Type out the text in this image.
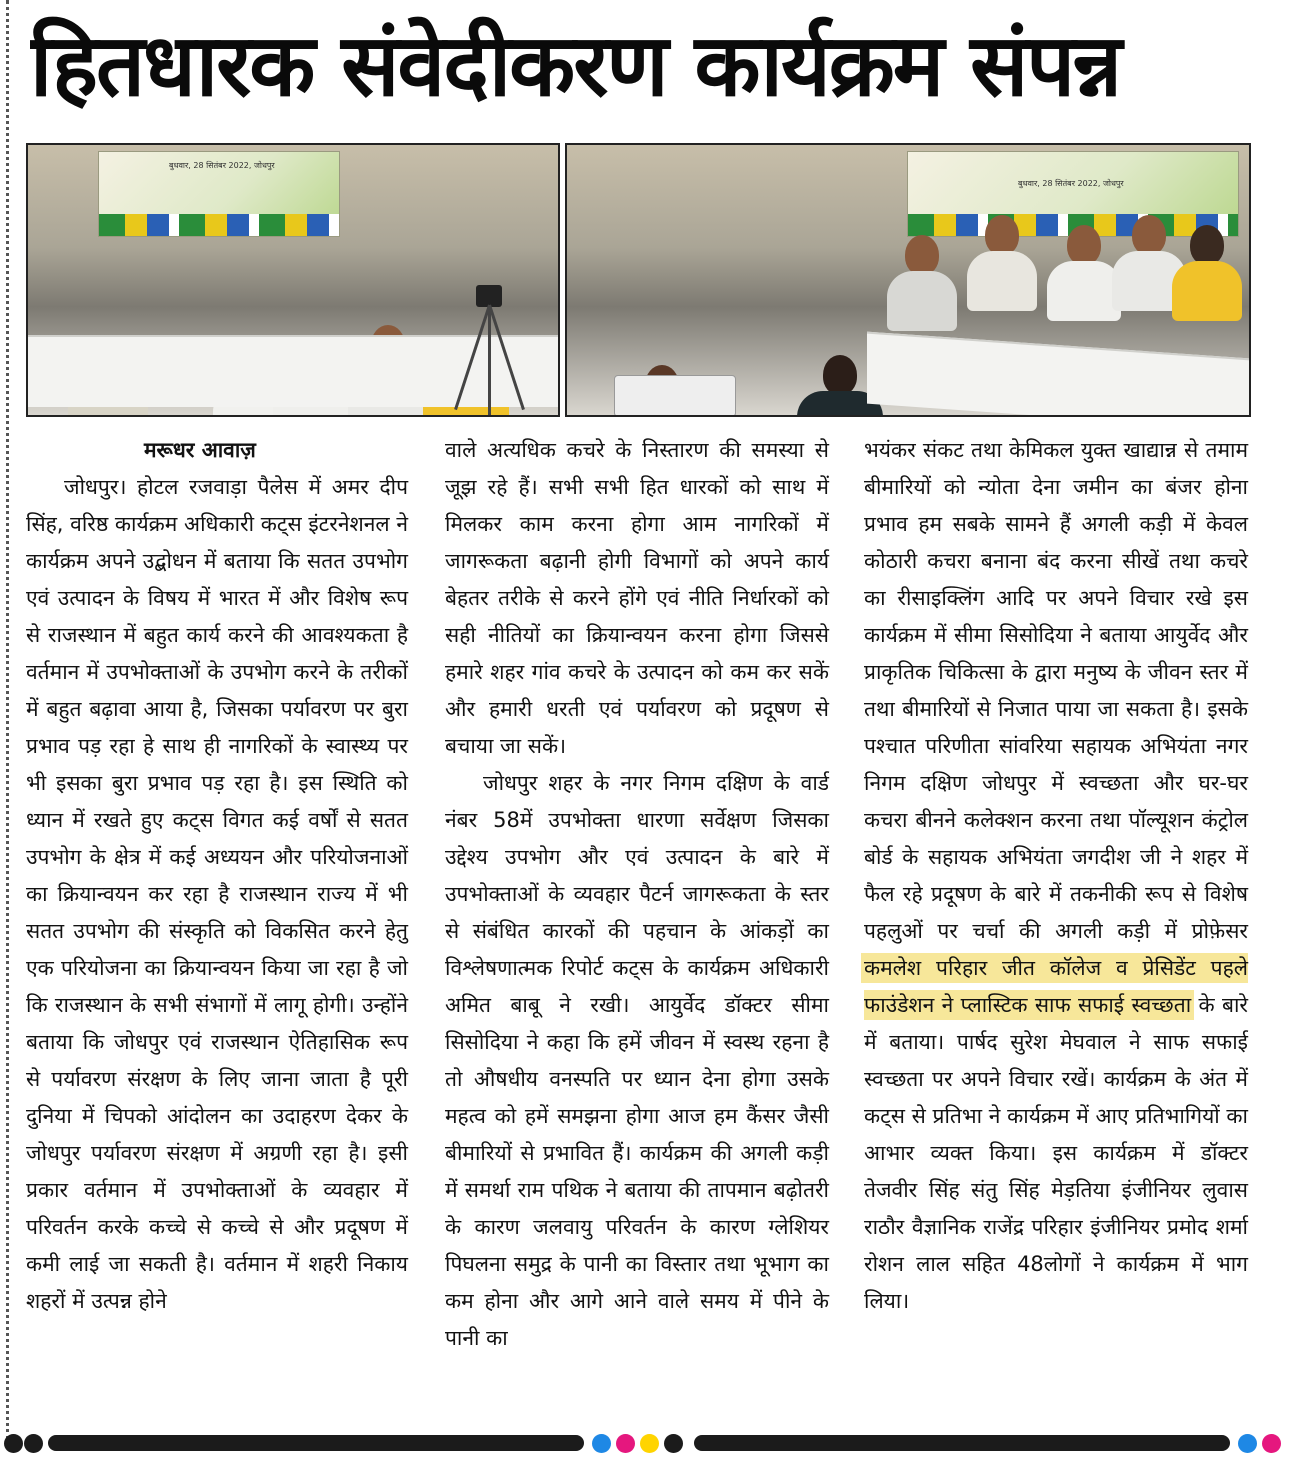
हितधारक संवेदीकरण कार्यक्रम संपन्न
बुधवार, 28 सितंबर 2022, जोधपुर
बुधवार, 28 सितंबर 2022, जोधपुर

मरूधर आवाज़

जोधपुर। होटल रजवाड़ा पैलेस में अमर दीप सिंह, वरिष्ठ कार्यक्रम अधिकारी कट्स इंटरनेशनल ने कार्यक्रम अपने उद्बोधन में बताया कि सतत उपभोग एवं उत्पादन के विषय में भारत में और विशेष रूप से राजस्थान में बहुत कार्य करने की आवश्यकता है वर्तमान में उपभोक्ताओं के उपभोग करने के तरीकों में बहुत बढ़ावा आया है, जिसका पर्यावरण पर बुरा प्रभाव पड़ रहा हे साथ ही नागरिकों के स्वास्थ्य पर भी इसका बुरा प्रभाव पड़ रहा है। इस स्थिति को ध्यान में रखते हुए कट्स विगत कई वर्षों से सतत उपभोग के क्षेत्र में कई अध्ययन और परियोजनाओं का क्रियान्वयन कर रहा है राजस्थान राज्य में भी सतत उपभोग की संस्कृति को विकसित करने हेतु एक परियोजना का क्रियान्वयन किया जा रहा है जो कि राजस्थान के सभी संभागों में लागू होगी। उन्होंने बताया कि जोधपुर एवं राजस्थान ऐतिहासिक रूप से पर्यावरण संरक्षण के लिए जाना जाता है पूरी दुनिया में चिपको आंदोलन का उदाहरण देकर के जोधपुर पर्यावरण संरक्षण में अग्रणी रहा है। इसी प्रकार वर्तमान में उपभोक्ताओं के व्यवहार में परिवर्तन करके कच्चे से कच्चे से और प्रदूषण में कमी लाई जा सकती है। वर्तमान में शहरी निकाय शहरों में उत्पन्न होने

वाले अत्यधिक कचरे के निस्तारण की समस्या से जूझ रहे हैं। सभी सभी हित धारकों को साथ में मिलकर काम करना होगा आम नागरिकों में जागरूकता बढ़ानी होगी विभागों को अपने कार्य बेहतर तरीके से करने होंगे एवं नीति निर्धारकों को सही नीतियों का क्रियान्वयन करना होगा जिससे हमारे शहर गांव कचरे के उत्पादन को कम कर सकें और हमारी धरती एवं पर्यावरण को प्रदूषण से बचाया जा सकें।

जोधपुर शहर के नगर निगम दक्षिण के वार्ड नंबर 58में उपभोक्ता धारणा सर्वेक्षण जिसका उद्देश्य उपभोग और एवं उत्पादन के बारे में उपभोक्ताओं के व्यवहार पैटर्न जागरूकता के स्तर से संबंधित कारकों की पहचान के आंकड़ों का विश्लेषणात्मक रिपोर्ट कट्स के कार्यक्रम अधिकारी अमित बाबू ने रखी। आयुर्वेद डॉक्टर सीमा सिसोदिया ने कहा कि हमें जीवन में स्वस्थ रहना है तो औषधीय वनस्पति पर ध्यान देना होगा उसके महत्व को हमें समझना होगा आज हम कैंसर जैसी बीमारियों से प्रभावित हैं। कार्यक्रम की अगली कड़ी में समर्था राम पथिक ने बताया की तापमान बढ़ोतरी के कारण जलवायु परिवर्तन के कारण ग्लेशियर पिघलना समुद्र के पानी का विस्तार तथा भूभाग का कम होना और आगे आने वाले समय में पीने के पानी का

भयंकर संकट तथा केमिकल युक्त खाद्यान्न से तमाम बीमारियों को न्योता देना जमीन का बंजर होना प्रभाव हम सबके सामने हैं अगली कड़ी में केवल कोठारी कचरा बनाना बंद करना सीखें तथा कचरे का रीसाइक्लिंग आदि पर अपने विचार रखे इस कार्यक्रम में सीमा सिसोदिया ने बताया आयुर्वेद और प्राकृतिक चिकित्सा के द्वारा मनुष्य के जीवन स्तर में तथा बीमारियों से निजात पाया जा सकता है। इसके पश्चात परिणीता सांवरिया सहायक अभियंता नगर निगम दक्षिण जोधपुर में स्वच्छता और घर-घर कचरा बीनने कलेक्शन करना तथा पॉल्यूशन कंट्रोल बोर्ड के सहायक अभियंता जगदीश जी ने शहर में फैल रहे प्रदूषण के बारे में तकनीकी रूप से विशेष पहलुओं पर चर्चा की अगली कड़ी में प्रोफ़ेसर कमलेश परिहार जीत कॉलेज व प्रेसिडेंट पहले फाउंडेशन ने प्लास्टिक साफ सफाई स्वच्छता के बारे में बताया। पार्षद सुरेश मेघवाल ने साफ सफाई स्वच्छता पर अपने विचार रखें। कार्यक्रम के अंत में कट्स से प्रतिभा ने कार्यक्रम में आए प्रतिभागियों का आभार व्यक्त किया। इस कार्यक्रम में डॉक्टर तेजवीर सिंह संतु सिंह मेड़तिया इंजीनियर लुवास राठौर वैज्ञानिक राजेंद्र परिहार इंजीनियर प्रमोद शर्मा रोशन लाल सहित 48लोगों ने कार्यक्रम में भाग लिया।
